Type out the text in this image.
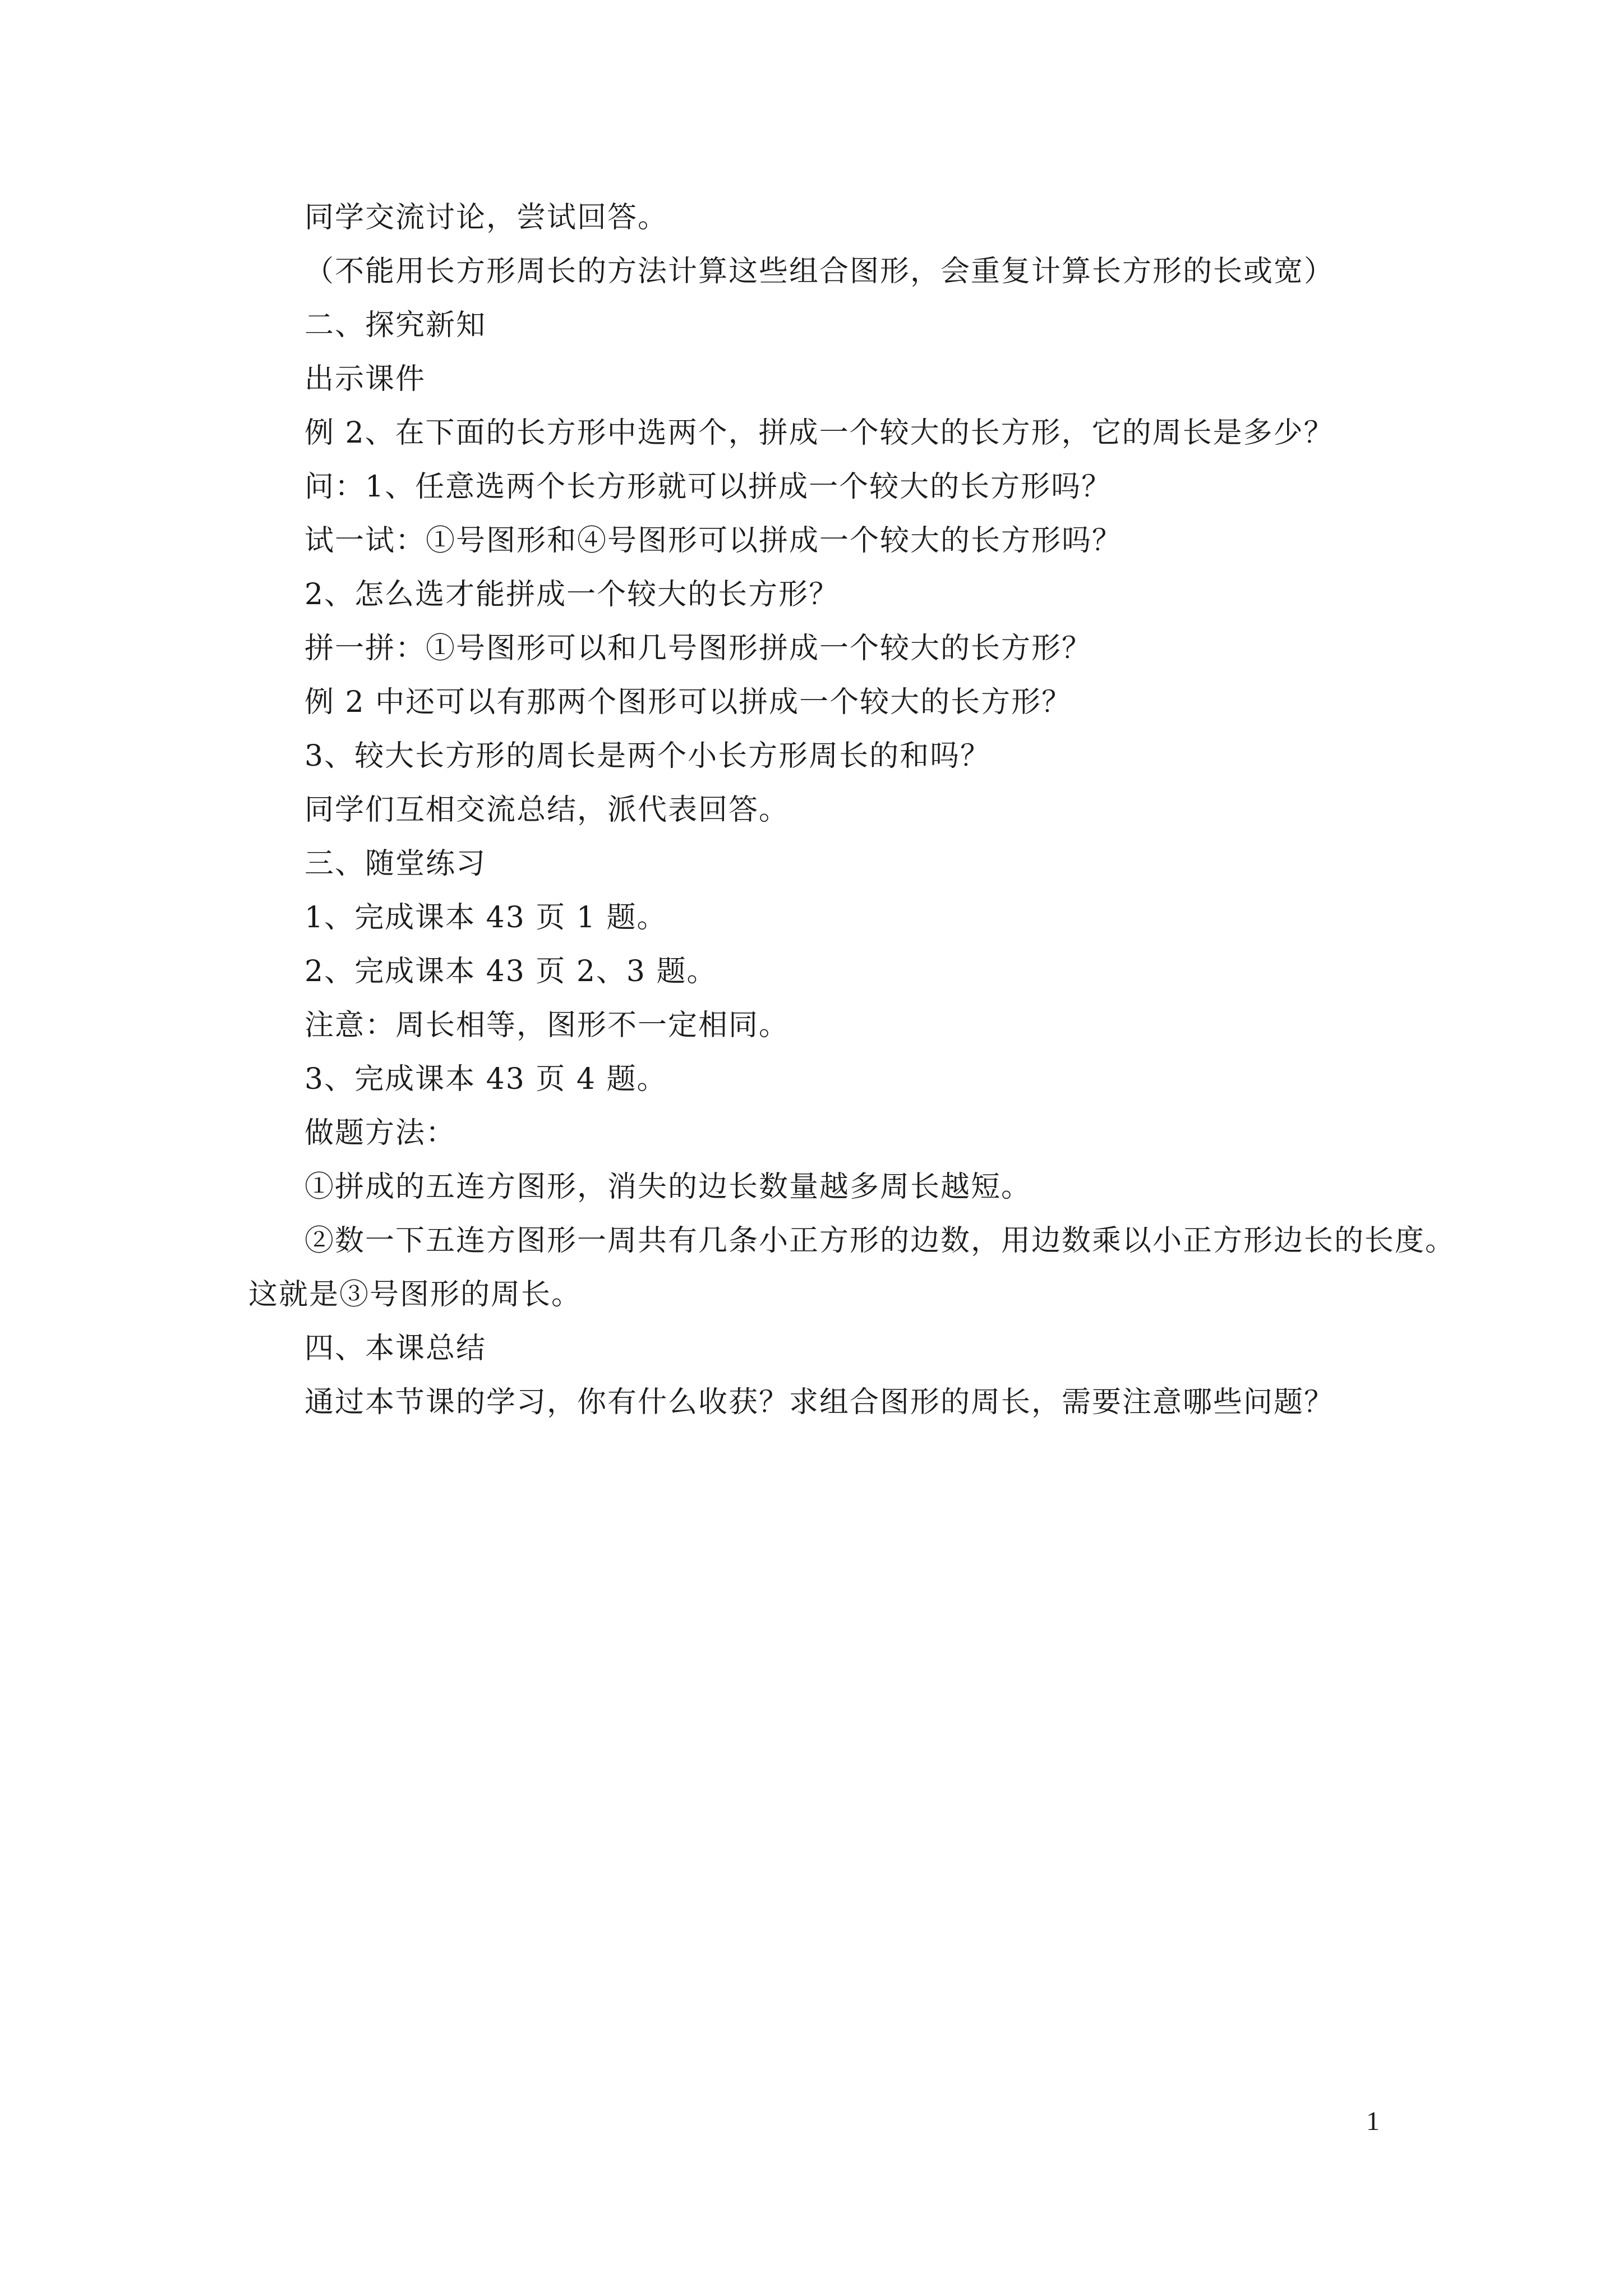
同学交流讨论，尝试回答。
（不能用长方形周长的方法计算这些组合图形，会重复计算长方形的长或宽）
二、探究新知
出示课件
例 2、在下面的长方形中选两个，拼成一个较大的长方形，它的周长是多少？
问：1、任意选两个长方形就可以拼成一个较大的长方形吗？
试一试：①号图形和④号图形可以拼成一个较大的长方形吗？
2、怎么选才能拼成一个较大的长方形？
拼一拼：①号图形可以和几号图形拼成一个较大的长方形？
例 2 中还可以有那两个图形可以拼成一个较大的长方形？
3、较大长方形的周长是两个小长方形周长的和吗？
同学们互相交流总结，派代表回答。
三、随堂练习
1、完成课本 43 页 1 题。
2、完成课本 43 页 2、3 题。
注意：周长相等，图形不一定相同。
3、完成课本 43 页 4 题。
做题方法：
①拼成的五连方图形，消失的边长数量越多周长越短。
②数一下五连方图形一周共有几条小正方形的边数，用边数乘以小正方形边长的长度。
这就是③号图形的周长。
四、本课总结
通过本节课的学习，你有什么收获？求组合图形的周长，需要注意哪些问题？
1
